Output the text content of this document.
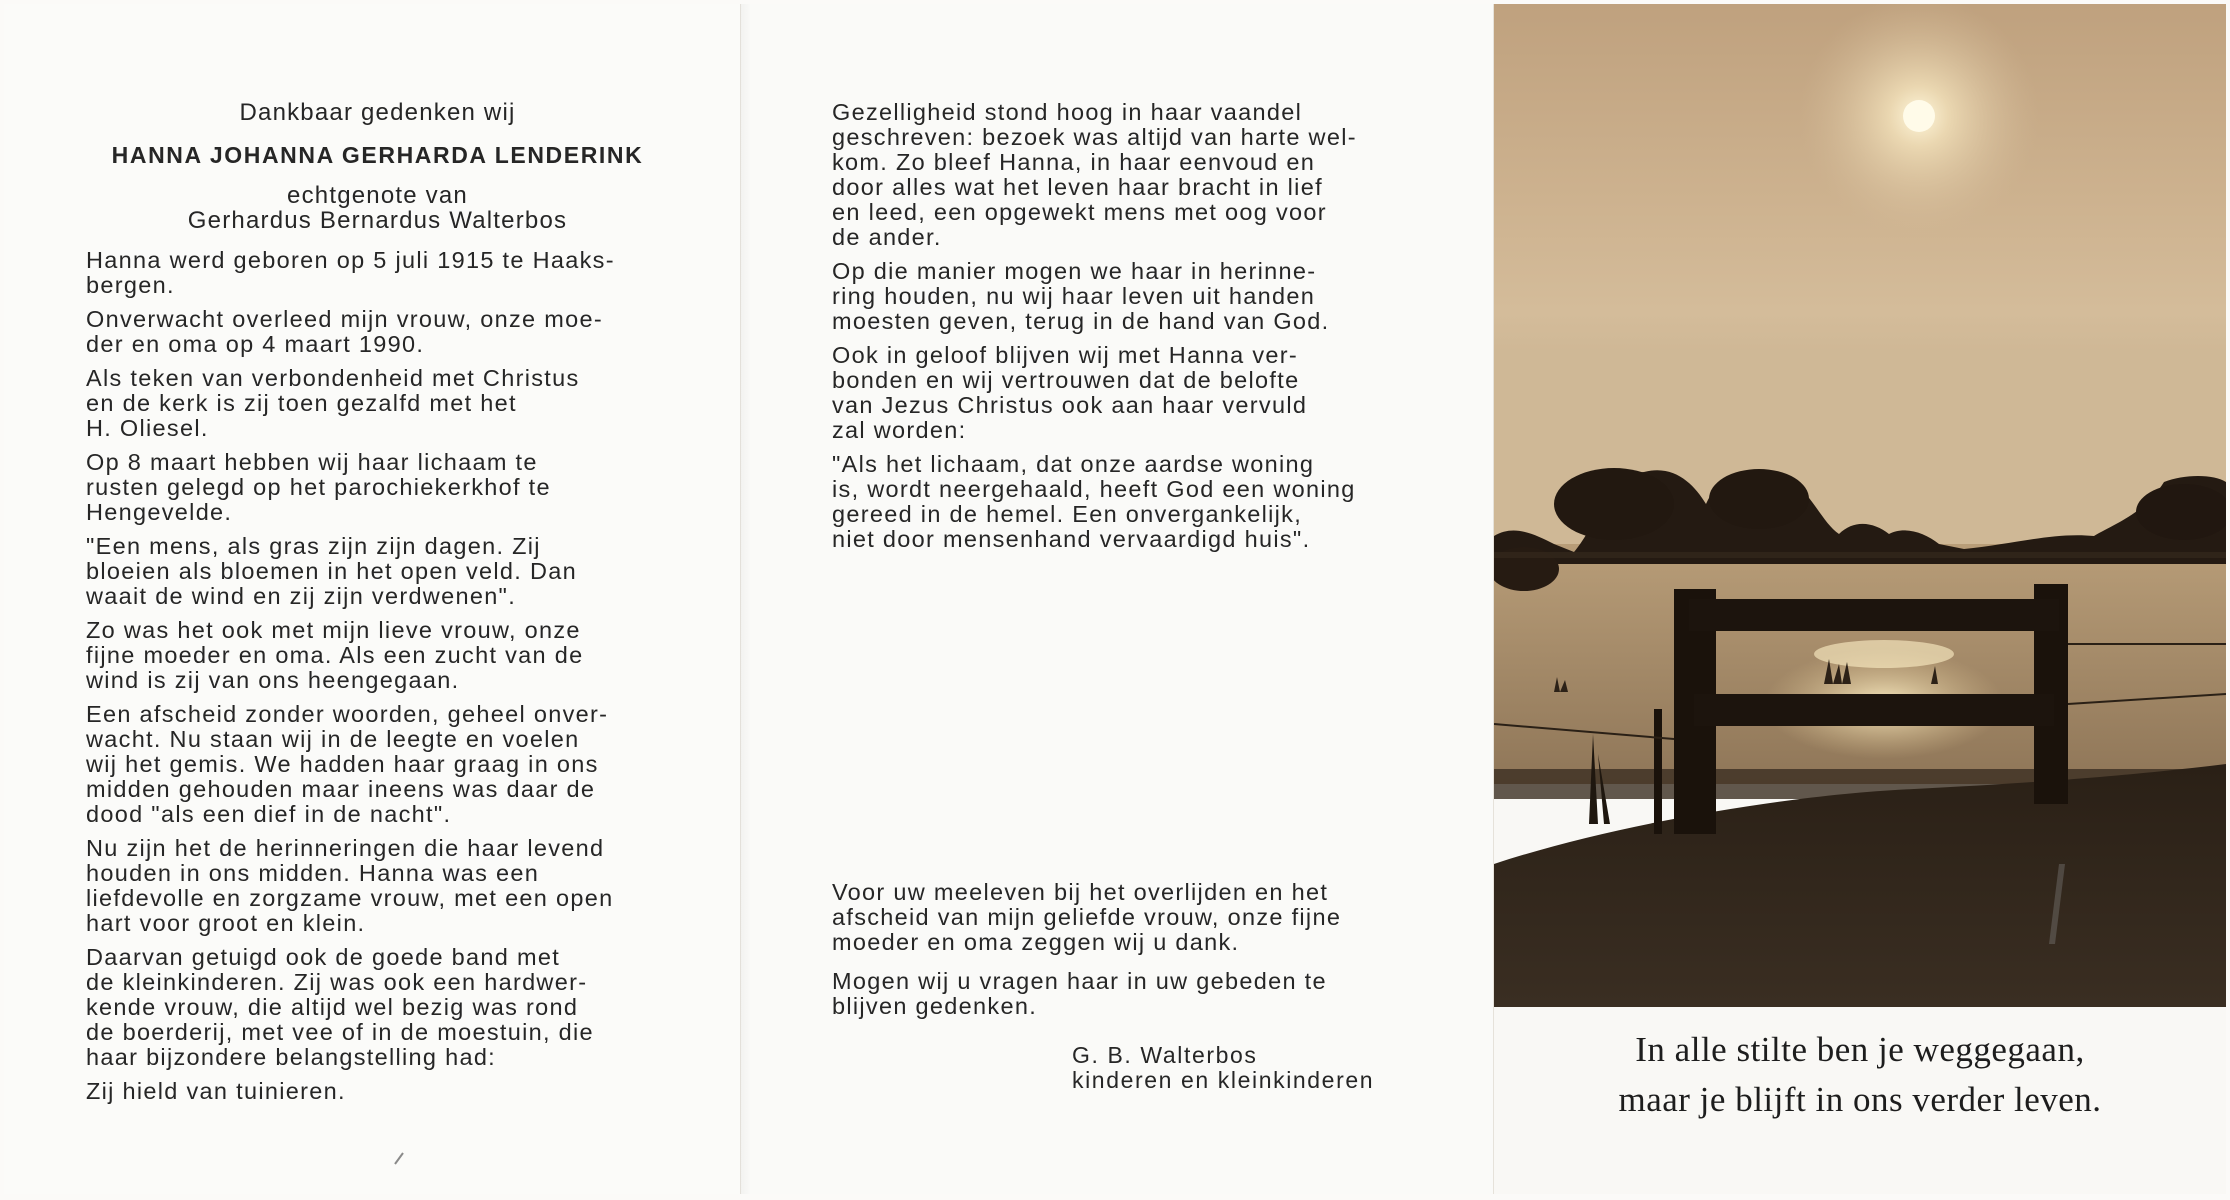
Dankbaar gedenken wij
HANNA JOHANNA GERHARDA LENDERINK
echtgenote van
Gerhardus Bernardus Walterbos

Hanna werd geboren op 5 juli 1915 te Haaks-
bergen.

Onverwacht overleed mijn vrouw, onze moe-
der en oma op 4 maart 1990.

Als teken van verbondenheid met Christus
en de kerk is zij toen gezalfd met het
H. Oliesel.

Op 8 maart hebben wij haar lichaam te
rusten gelegd op het parochiekerkhof te
Hengevelde.

"Een mens, als gras zijn zijn dagen. Zij
bloeien als bloemen in het open veld. Dan
waait de wind en zij zijn verdwenen".

Zo was het ook met mijn lieve vrouw, onze
fijne moeder en oma. Als een zucht van de
wind is zij van ons heengegaan.

Een afscheid zonder woorden, geheel onver-
wacht. Nu staan wij in de leegte en voelen
wij het gemis. We hadden haar graag in ons
midden gehouden maar ineens was daar de
dood "als een dief in de nacht".

Nu zijn het de herinneringen die haar levend
houden in ons midden. Hanna was een
liefdevolle en zorgzame vrouw, met een open
hart voor groot en klein.

Daarvan getuigd ook de goede band met
de kleinkinderen. Zij was ook een hardwer-
kende vrouw, die altijd wel bezig was rond
de boerderij, met vee of in de moestuin, die
haar bijzondere belangstelling had:

Zij hield van tuinieren.

Gezelligheid stond hoog in haar vaandel
geschreven: bezoek was altijd van harte wel-
kom. Zo bleef Hanna, in haar eenvoud en
door alles wat het leven haar bracht in lief
en leed, een opgewekt mens met oog voor
de ander.

Op die manier mogen we haar in herinne-
ring houden, nu wij haar leven uit handen
moesten geven, terug in de hand van God.

Ook in geloof blijven wij met Hanna ver-
bonden en wij vertrouwen dat de belofte
van Jezus Christus ook aan haar vervuld
zal worden:

"Als het lichaam, dat onze aardse woning
is, wordt neergehaald, heeft God een woning
gereed in de hemel. Een onvergankelijk,
niet door mensenhand vervaardigd huis".

Voor uw meeleven bij het overlijden en het
afscheid van mijn geliefde vrouw, onze fijne
moeder en oma zeggen wij u dank.

Mogen wij u vragen haar in uw gebeden te
blijven gedenken.

G. B. Walterbos
kinderen en kleinkinderen
In alle stilte ben je weggegaan,
maar je blijft in ons verder leven.
